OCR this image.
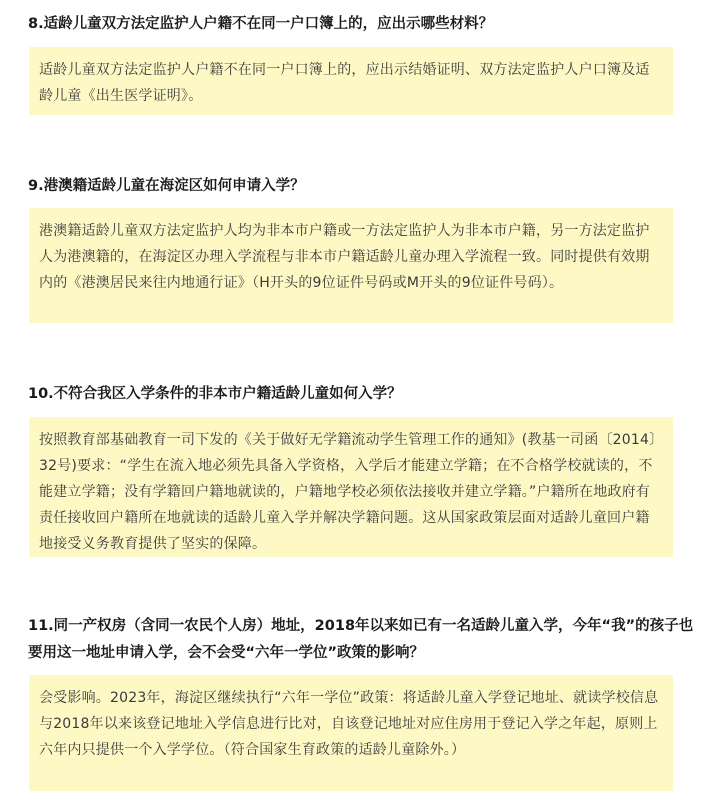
8.适龄儿童双方法定监护人户籍不在同一户口簿上的，应出示哪些材料？

适龄儿童双方法定监护人户籍不在同一户口簿上的，应出示结婚证明、双方法定监护人户口簿及适龄儿童《出生医学证明》。

9.港澳籍适龄儿童在海淀区如何申请入学？

港澳籍适龄儿童双方法定监护人均为非本市户籍或一方法定监护人为非本市户籍，另一方法定监护人为港澳籍的，在海淀区办理入学流程与非本市户籍适龄儿童办理入学流程一致。同时提供有效期内的《港澳居民来往内地通行证》（H开头的9位证件号码或M开头的9位证件号码）。

10.不符合我区入学条件的非本市户籍适龄儿童如何入学？

按照教育部基础教育一司下发的《关于做好无学籍流动学生管理工作的通知》(教基一司函〔2014〕32号)要求：“学生在流入地必须先具备入学资格，入学后才能建立学籍；在不合格学校就读的，不能建立学籍；没有学籍回户籍地就读的，户籍地学校必须依法接收并建立学籍。”户籍所在地政府有责任接收回户籍所在地就读的适龄儿童入学并解决学籍问题。这从国家政策层面对适龄儿童回户籍地接受义务教育提供了坚实的保障。

11.同一产权房（含同一农民个人房）地址，2018年以来如已有一名适龄儿童入学，今年“我”的孩子也要用这一地址申请入学，会不会受“六年一学位”政策的影响？

会受影响。2023年，海淀区继续执行“六年一学位”政策：将适龄儿童入学登记地址、就读学校信息与2018年以来该登记地址入学信息进行比对，自该登记地址对应住房用于登记入学之年起，原则上六年内只提供一个入学学位。（符合国家生育政策的适龄儿童除外。）
